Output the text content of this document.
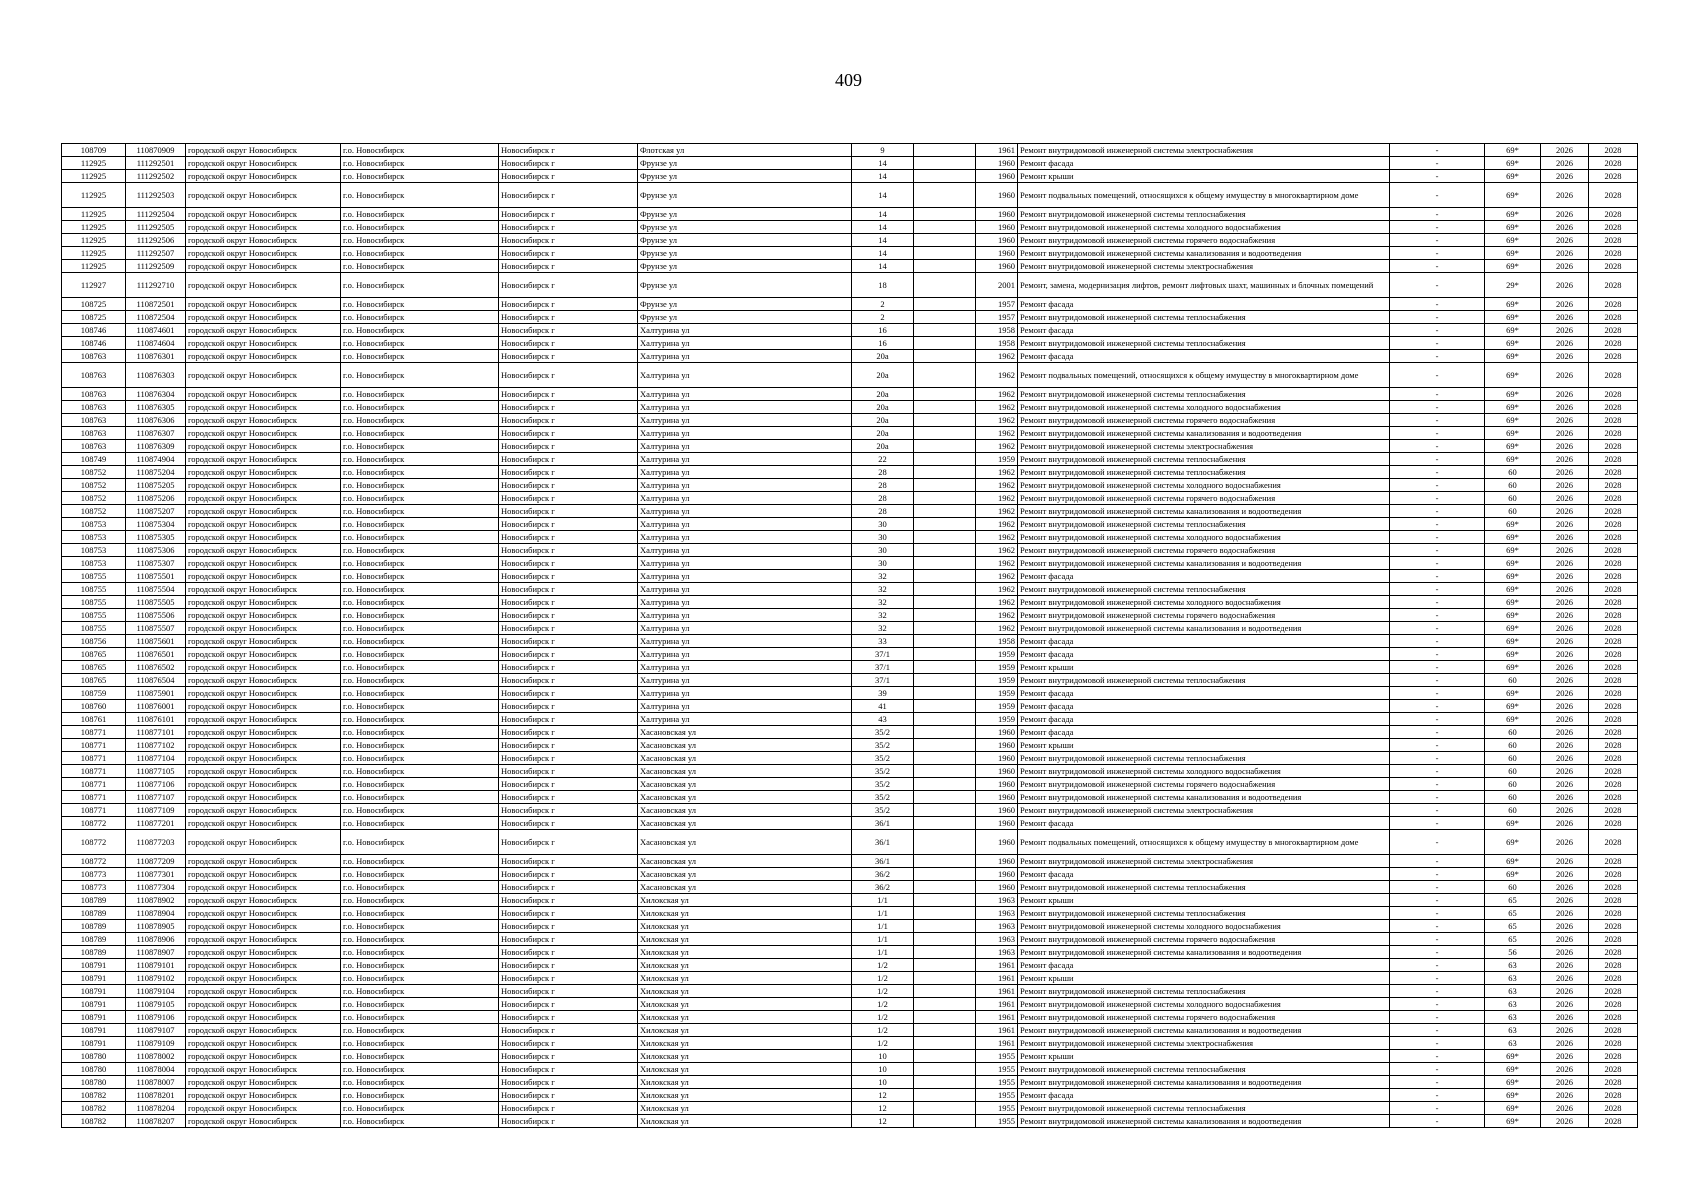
409
108709	110870909	городской округ Новосибирск	г.о. Новосибирск	Новосибирск г	Флотская ул	9		1961	Ремонт внутридомовой инженерной системы электроснабжения	-	69*	2026	2028
112925	111292501	городской округ Новосибирск	г.о. Новосибирск	Новосибирск г	Фрунзе ул	14		1960	Ремонт фасада	-	69*	2026	2028
112925	111292502	городской округ Новосибирск	г.о. Новосибирск	Новосибирск г	Фрунзе ул	14		1960	Ремонт крыши	-	69*	2026	2028
112925	111292503	городской округ Новосибирск	г.о. Новосибирск	Новосибирск г	Фрунзе ул	14		1960	Ремонт подвальных помещений, относящихся к общему имуществу в многоквартирном доме	-	69*	2026	2028
112925	111292504	городской округ Новосибирск	г.о. Новосибирск	Новосибирск г	Фрунзе ул	14		1960	Ремонт внутридомовой инженерной системы теплоснабжения	-	69*	2026	2028
112925	111292505	городской округ Новосибирск	г.о. Новосибирск	Новосибирск г	Фрунзе ул	14		1960	Ремонт внутридомовой инженерной системы холодного водоснабжения	-	69*	2026	2028
112925	111292506	городской округ Новосибирск	г.о. Новосибирск	Новосибирск г	Фрунзе ул	14		1960	Ремонт внутридомовой инженерной системы горячего водоснабжения	-	69*	2026	2028
112925	111292507	городской округ Новосибирск	г.о. Новосибирск	Новосибирск г	Фрунзе ул	14		1960	Ремонт внутридомовой инженерной системы канализования и водоотведения	-	69*	2026	2028
112925	111292509	городской округ Новосибирск	г.о. Новосибирск	Новосибирск г	Фрунзе ул	14		1960	Ремонт внутридомовой инженерной системы электроснабжения	-	69*	2026	2028
112927	111292710	городской округ Новосибирск	г.о. Новосибирск	Новосибирск г	Фрунзе ул	18		2001	Ремонт, замена, модернизация лифтов, ремонт лифтовых шахт, машинных и блочных помещений	-	29*	2026	2028
108725	110872501	городской округ Новосибирск	г.о. Новосибирск	Новосибирск г	Фрунзе ул	2		1957	Ремонт фасада	-	69*	2026	2028
108725	110872504	городской округ Новосибирск	г.о. Новосибирск	Новосибирск г	Фрунзе ул	2		1957	Ремонт внутридомовой инженерной системы теплоснабжения	-	69*	2026	2028
108746	110874601	городской округ Новосибирск	г.о. Новосибирск	Новосибирск г	Халтурина ул	16		1958	Ремонт фасада	-	69*	2026	2028
108746	110874604	городской округ Новосибирск	г.о. Новосибирск	Новосибирск г	Халтурина ул	16		1958	Ремонт внутридомовой инженерной системы теплоснабжения	-	69*	2026	2028
108763	110876301	городской округ Новосибирск	г.о. Новосибирск	Новосибирск г	Халтурина ул	20а		1962	Ремонт фасада	-	69*	2026	2028
108763	110876303	городской округ Новосибирск	г.о. Новосибирск	Новосибирск г	Халтурина ул	20а		1962	Ремонт подвальных помещений, относящихся к общему имуществу в многоквартирном доме	-	69*	2026	2028
108763	110876304	городской округ Новосибирск	г.о. Новосибирск	Новосибирск г	Халтурина ул	20а		1962	Ремонт внутридомовой инженерной системы теплоснабжения	-	69*	2026	2028
108763	110876305	городской округ Новосибирск	г.о. Новосибирск	Новосибирск г	Халтурина ул	20а		1962	Ремонт внутридомовой инженерной системы холодного водоснабжения	-	69*	2026	2028
108763	110876306	городской округ Новосибирск	г.о. Новосибирск	Новосибирск г	Халтурина ул	20а		1962	Ремонт внутридомовой инженерной системы горячего водоснабжения	-	69*	2026	2028
108763	110876307	городской округ Новосибирск	г.о. Новосибирск	Новосибирск г	Халтурина ул	20а		1962	Ремонт внутридомовой инженерной системы канализования и водоотведения	-	69*	2026	2028
108763	110876309	городской округ Новосибирск	г.о. Новосибирск	Новосибирск г	Халтурина ул	20а		1962	Ремонт внутридомовой инженерной системы электроснабжения	-	69*	2026	2028
108749	110874904	городской округ Новосибирск	г.о. Новосибирск	Новосибирск г	Халтурина ул	22		1959	Ремонт внутридомовой инженерной системы теплоснабжения	-	69*	2026	2028
108752	110875204	городской округ Новосибирск	г.о. Новосибирск	Новосибирск г	Халтурина ул	28		1962	Ремонт внутридомовой инженерной системы теплоснабжения	-	60	2026	2028
108752	110875205	городской округ Новосибирск	г.о. Новосибирск	Новосибирск г	Халтурина ул	28		1962	Ремонт внутридомовой инженерной системы холодного водоснабжения	-	60	2026	2028
108752	110875206	городской округ Новосибирск	г.о. Новосибирск	Новосибирск г	Халтурина ул	28		1962	Ремонт внутридомовой инженерной системы горячего водоснабжения	-	60	2026	2028
108752	110875207	городской округ Новосибирск	г.о. Новосибирск	Новосибирск г	Халтурина ул	28		1962	Ремонт внутридомовой инженерной системы канализования и водоотведения	-	60	2026	2028
108753	110875304	городской округ Новосибирск	г.о. Новосибирск	Новосибирск г	Халтурина ул	30		1962	Ремонт внутридомовой инженерной системы теплоснабжения	-	69*	2026	2028
108753	110875305	городской округ Новосибирск	г.о. Новосибирск	Новосибирск г	Халтурина ул	30		1962	Ремонт внутридомовой инженерной системы холодного водоснабжения	-	69*	2026	2028
108753	110875306	городской округ Новосибирск	г.о. Новосибирск	Новосибирск г	Халтурина ул	30		1962	Ремонт внутридомовой инженерной системы горячего водоснабжения	-	69*	2026	2028
108753	110875307	городской округ Новосибирск	г.о. Новосибирск	Новосибирск г	Халтурина ул	30		1962	Ремонт внутридомовой инженерной системы канализования и водоотведения	-	69*	2026	2028
108755	110875501	городской округ Новосибирск	г.о. Новосибирск	Новосибирск г	Халтурина ул	32		1962	Ремонт фасада	-	69*	2026	2028
108755	110875504	городской округ Новосибирск	г.о. Новосибирск	Новосибирск г	Халтурина ул	32		1962	Ремонт внутридомовой инженерной системы теплоснабжения	-	69*	2026	2028
108755	110875505	городской округ Новосибирск	г.о. Новосибирск	Новосибирск г	Халтурина ул	32		1962	Ремонт внутридомовой инженерной системы холодного водоснабжения	-	69*	2026	2028
108755	110875506	городской округ Новосибирск	г.о. Новосибирск	Новосибирск г	Халтурина ул	32		1962	Ремонт внутридомовой инженерной системы горячего водоснабжения	-	69*	2026	2028
108755	110875507	городской округ Новосибирск	г.о. Новосибирск	Новосибирск г	Халтурина ул	32		1962	Ремонт внутридомовой инженерной системы канализования и водоотведения	-	69*	2026	2028
108756	110875601	городской округ Новосибирск	г.о. Новосибирск	Новосибирск г	Халтурина ул	33		1958	Ремонт фасада	-	69*	2026	2028
108765	110876501	городской округ Новосибирск	г.о. Новосибирск	Новосибирск г	Халтурина ул	37/1		1959	Ремонт фасада	-	69*	2026	2028
108765	110876502	городской округ Новосибирск	г.о. Новосибирск	Новосибирск г	Халтурина ул	37/1		1959	Ремонт крыши	-	69*	2026	2028
108765	110876504	городской округ Новосибирск	г.о. Новосибирск	Новосибирск г	Халтурина ул	37/1		1959	Ремонт внутридомовой инженерной системы теплоснабжения	-	60	2026	2028
108759	110875901	городской округ Новосибирск	г.о. Новосибирск	Новосибирск г	Халтурина ул	39		1959	Ремонт фасада	-	69*	2026	2028
108760	110876001	городской округ Новосибирск	г.о. Новосибирск	Новосибирск г	Халтурина ул	41		1959	Ремонт фасада	-	69*	2026	2028
108761	110876101	городской округ Новосибирск	г.о. Новосибирск	Новосибирск г	Халтурина ул	43		1959	Ремонт фасада	-	69*	2026	2028
108771	110877101	городской округ Новосибирск	г.о. Новосибирск	Новосибирск г	Хасановская ул	35/2		1960	Ремонт фасада	-	60	2026	2028
108771	110877102	городской округ Новосибирск	г.о. Новосибирск	Новосибирск г	Хасановская ул	35/2		1960	Ремонт крыши	-	60	2026	2028
108771	110877104	городской округ Новосибирск	г.о. Новосибирск	Новосибирск г	Хасановская ул	35/2		1960	Ремонт внутридомовой инженерной системы теплоснабжения	-	60	2026	2028
108771	110877105	городской округ Новосибирск	г.о. Новосибирск	Новосибирск г	Хасановская ул	35/2		1960	Ремонт внутридомовой инженерной системы холодного водоснабжения	-	60	2026	2028
108771	110877106	городской округ Новосибирск	г.о. Новосибирск	Новосибирск г	Хасановская ул	35/2		1960	Ремонт внутридомовой инженерной системы горячего водоснабжения	-	60	2026	2028
108771	110877107	городской округ Новосибирск	г.о. Новосибирск	Новосибирск г	Хасановская ул	35/2		1960	Ремонт внутридомовой инженерной системы канализования и водоотведения	-	60	2026	2028
108771	110877109	городской округ Новосибирск	г.о. Новосибирск	Новосибирск г	Хасановская ул	35/2		1960	Ремонт внутридомовой инженерной системы электроснабжения	-	60	2026	2028
108772	110877201	городской округ Новосибирск	г.о. Новосибирск	Новосибирск г	Хасановская ул	36/1		1960	Ремонт фасада	-	69*	2026	2028
108772	110877203	городской округ Новосибирск	г.о. Новосибирск	Новосибирск г	Хасановская ул	36/1		1960	Ремонт подвальных помещений, относящихся к общему имуществу в многоквартирном доме	-	69*	2026	2028
108772	110877209	городской округ Новосибирск	г.о. Новосибирск	Новосибирск г	Хасановская ул	36/1		1960	Ремонт внутридомовой инженерной системы электроснабжения	-	69*	2026	2028
108773	110877301	городской округ Новосибирск	г.о. Новосибирск	Новосибирск г	Хасановская ул	36/2		1960	Ремонт фасада	-	69*	2026	2028
108773	110877304	городской округ Новосибирск	г.о. Новосибирск	Новосибирск г	Хасановская ул	36/2		1960	Ремонт внутридомовой инженерной системы теплоснабжения	-	60	2026	2028
108789	110878902	городской округ Новосибирск	г.о. Новосибирск	Новосибирск г	Хилокская ул	1/1		1963	Ремонт крыши	-	65	2026	2028
108789	110878904	городской округ Новосибирск	г.о. Новосибирск	Новосибирск г	Хилокская ул	1/1		1963	Ремонт внутридомовой инженерной системы теплоснабжения	-	65	2026	2028
108789	110878905	городской округ Новосибирск	г.о. Новосибирск	Новосибирск г	Хилокская ул	1/1		1963	Ремонт внутридомовой инженерной системы холодного водоснабжения	-	65	2026	2028
108789	110878906	городской округ Новосибирск	г.о. Новосибирск	Новосибирск г	Хилокская ул	1/1		1963	Ремонт внутридомовой инженерной системы горячего водоснабжения	-	65	2026	2028
108789	110878907	городской округ Новосибирск	г.о. Новосибирск	Новосибирск г	Хилокская ул	1/1		1963	Ремонт внутридомовой инженерной системы канализования и водоотведения	-	56	2026	2028
108791	110879101	городской округ Новосибирск	г.о. Новосибирск	Новосибирск г	Хилокская ул	1/2		1961	Ремонт фасада	-	63	2026	2028
108791	110879102	городской округ Новосибирск	г.о. Новосибирск	Новосибирск г	Хилокская ул	1/2		1961	Ремонт крыши	-	63	2026	2028
108791	110879104	городской округ Новосибирск	г.о. Новосибирск	Новосибирск г	Хилокская ул	1/2		1961	Ремонт внутридомовой инженерной системы теплоснабжения	-	63	2026	2028
108791	110879105	городской округ Новосибирск	г.о. Новосибирск	Новосибирск г	Хилокская ул	1/2		1961	Ремонт внутридомовой инженерной системы холодного водоснабжения	-	63	2026	2028
108791	110879106	городской округ Новосибирск	г.о. Новосибирск	Новосибирск г	Хилокская ул	1/2		1961	Ремонт внутридомовой инженерной системы горячего водоснабжения	-	63	2026	2028
108791	110879107	городской округ Новосибирск	г.о. Новосибирск	Новосибирск г	Хилокская ул	1/2		1961	Ремонт внутридомовой инженерной системы канализования и водоотведения	-	63	2026	2028
108791	110879109	городской округ Новосибирск	г.о. Новосибирск	Новосибирск г	Хилокская ул	1/2		1961	Ремонт внутридомовой инженерной системы электроснабжения	-	63	2026	2028
108780	110878002	городской округ Новосибирск	г.о. Новосибирск	Новосибирск г	Хилокская ул	10		1955	Ремонт крыши	-	69*	2026	2028
108780	110878004	городской округ Новосибирск	г.о. Новосибирск	Новосибирск г	Хилокская ул	10		1955	Ремонт внутридомовой инженерной системы теплоснабжения	-	69*	2026	2028
108780	110878007	городской округ Новосибирск	г.о. Новосибирск	Новосибирск г	Хилокская ул	10		1955	Ремонт внутридомовой инженерной системы канализования и водоотведения	-	69*	2026	2028
108782	110878201	городской округ Новосибирск	г.о. Новосибирск	Новосибирск г	Хилокская ул	12		1955	Ремонт фасада	-	69*	2026	2028
108782	110878204	городской округ Новосибирск	г.о. Новосибирск	Новосибирск г	Хилокская ул	12		1955	Ремонт внутридомовой инженерной системы теплоснабжения	-	69*	2026	2028
108782	110878207	городской округ Новосибирск	г.о. Новосибирск	Новосибирск г	Хилокская ул	12		1955	Ремонт внутридомовой инженерной системы канализования и водоотведения	-	69*	2026	2028
